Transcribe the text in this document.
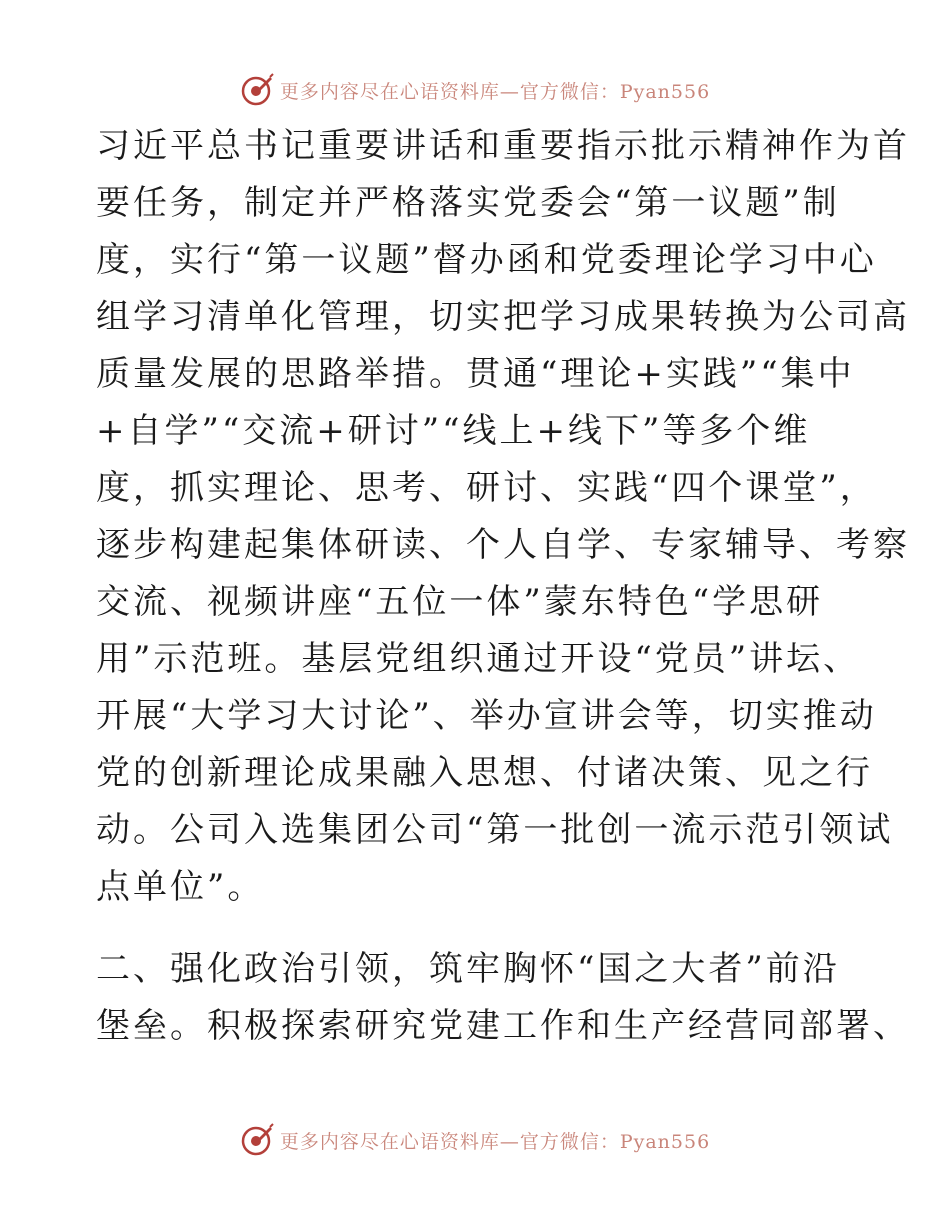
更多内容尽在心语资料库—官方微信：Pyan556
习近平总书记重要讲话和重要指示批示精神作为首
要任务，制定并严格落实党委会“第一议题”制
度，实行“第一议题”督办函和党委理论学习中心
组学习清单化管理，切实把学习成果转换为公司高
质量发展的思路举措。贯通“理论+实践”“集中
+自学”“交流+研讨”“线上+线下”等多个维
度，抓实理论、思考、研讨、实践“四个课堂”，
逐步构建起集体研读、个人自学、专家辅导、考察
交流、视频讲座“五位一体”蒙东特色“学思研
用”示范班。基层党组织通过开设“党员”讲坛、
开展“大学习大讨论”、举办宣讲会等，切实推动
党的创新理论成果融入思想、付诸决策、见之行
动。公司入选集团公司“第一批创一流示范引领试
点单位”。
二、强化政治引领，筑牢胸怀“国之大者”前沿
堡垒。积极探索研究党建工作和生产经营同部署、
更多内容尽在心语资料库—官方微信：Pyan556
